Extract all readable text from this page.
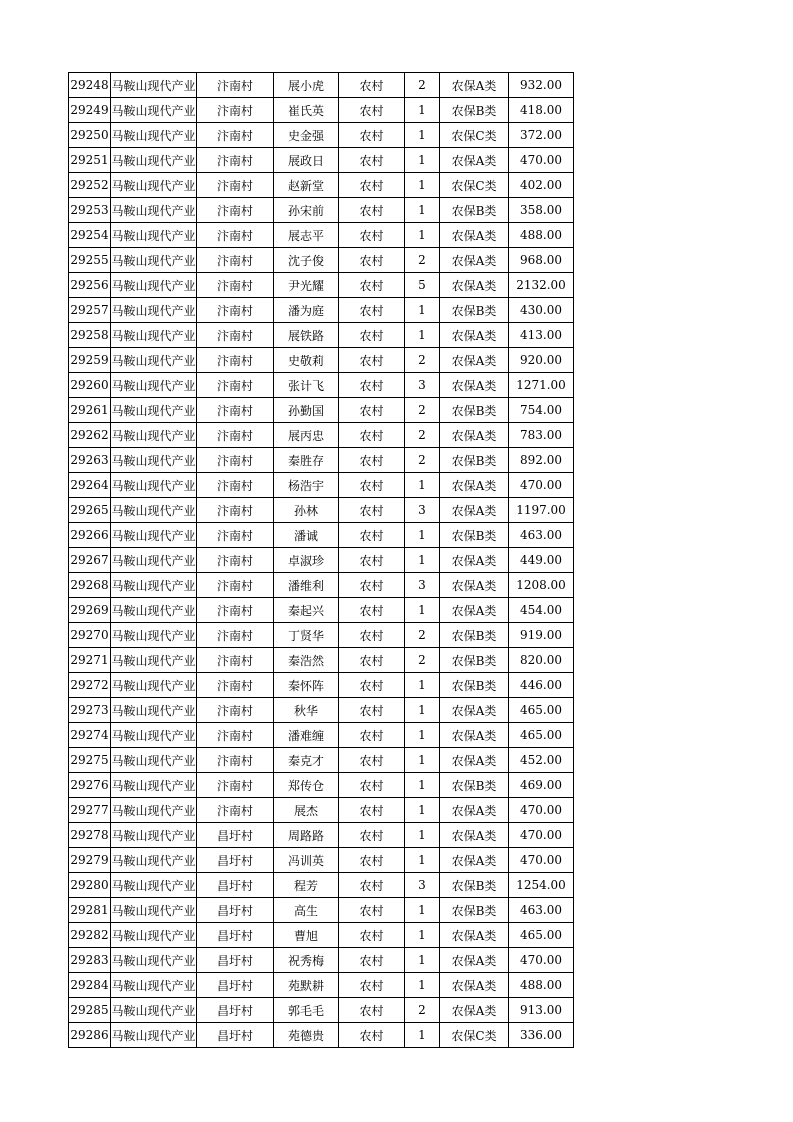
29248	马鞍山现代产业	汴南村	展小虎	农村	2	农保A类	932.00
29249	马鞍山现代产业	汴南村	崔氏英	农村	1	农保B类	418.00
29250	马鞍山现代产业	汴南村	史金强	农村	1	农保C类	372.00
29251	马鞍山现代产业	汴南村	展政日	农村	1	农保A类	470.00
29252	马鞍山现代产业	汴南村	赵新堂	农村	1	农保C类	402.00
29253	马鞍山现代产业	汴南村	孙宋前	农村	1	农保B类	358.00
29254	马鞍山现代产业	汴南村	展志平	农村	1	农保A类	488.00
29255	马鞍山现代产业	汴南村	沈子俊	农村	2	农保A类	968.00
29256	马鞍山现代产业	汴南村	尹光耀	农村	5	农保A类	2132.00
29257	马鞍山现代产业	汴南村	潘为庭	农村	1	农保B类	430.00
29258	马鞍山现代产业	汴南村	展铁路	农村	1	农保A类	413.00
29259	马鞍山现代产业	汴南村	史敬莉	农村	2	农保A类	920.00
29260	马鞍山现代产业	汴南村	张计飞	农村	3	农保A类	1271.00
29261	马鞍山现代产业	汴南村	孙勤国	农村	2	农保B类	754.00
29262	马鞍山现代产业	汴南村	展丙忠	农村	2	农保A类	783.00
29263	马鞍山现代产业	汴南村	秦胜存	农村	2	农保B类	892.00
29264	马鞍山现代产业	汴南村	杨浩宇	农村	1	农保A类	470.00
29265	马鞍山现代产业	汴南村	孙林	农村	3	农保A类	1197.00
29266	马鞍山现代产业	汴南村	潘诚	农村	1	农保B类	463.00
29267	马鞍山现代产业	汴南村	卓淑珍	农村	1	农保A类	449.00
29268	马鞍山现代产业	汴南村	潘维利	农村	3	农保A类	1208.00
29269	马鞍山现代产业	汴南村	秦起兴	农村	1	农保A类	454.00
29270	马鞍山现代产业	汴南村	丁贤华	农村	2	农保B类	919.00
29271	马鞍山现代产业	汴南村	秦浩然	农村	2	农保B类	820.00
29272	马鞍山现代产业	汴南村	秦怀阵	农村	1	农保B类	446.00
29273	马鞍山现代产业	汴南村	秋华	农村	1	农保A类	465.00
29274	马鞍山现代产业	汴南村	潘难缠	农村	1	农保A类	465.00
29275	马鞍山现代产业	汴南村	秦克才	农村	1	农保A类	452.00
29276	马鞍山现代产业	汴南村	郑传仓	农村	1	农保B类	469.00
29277	马鞍山现代产业	汴南村	展杰	农村	1	农保A类	470.00
29278	马鞍山现代产业	昌圩村	周路路	农村	1	农保A类	470.00
29279	马鞍山现代产业	昌圩村	冯训英	农村	1	农保A类	470.00
29280	马鞍山现代产业	昌圩村	程芳	农村	3	农保B类	1254.00
29281	马鞍山现代产业	昌圩村	高生	农村	1	农保B类	463.00
29282	马鞍山现代产业	昌圩村	曹旭	农村	1	农保A类	465.00
29283	马鞍山现代产业	昌圩村	祝秀梅	农村	1	农保A类	470.00
29284	马鞍山现代产业	昌圩村	苑默耕	农村	1	农保A类	488.00
29285	马鞍山现代产业	昌圩村	郭毛毛	农村	2	农保A类	913.00
29286	马鞍山现代产业	昌圩村	苑德贵	农村	1	农保C类	336.00
